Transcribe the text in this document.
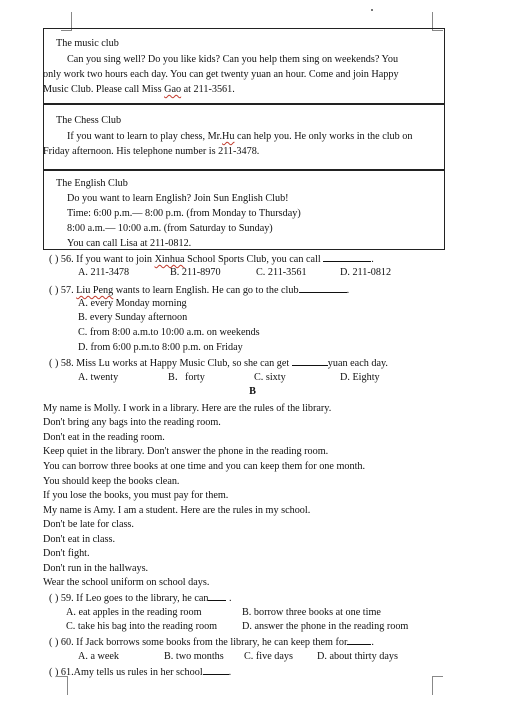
The music club
Can you sing well? Do you like kids? Can you help them sing on weekends? You
only work two hours each day. You can get twenty yuan an hour. Come and join Happy
Music Club. Please call Miss Gao at 211-3561.
The Chess Club
If you want to learn to play chess, Mr.Hu can help you. He only works in the club on
Friday afternoon. His telephone number is 211-3478.
The English Club
Do you want to learn English? Join Sun English Club!
Time: 6:00 p.m.— 8:00 p.m. (from Monday to Thursday)
8:00 a.m.— 10:00 a.m. (from Saturday to Sunday)
You can call Lisa at 211-0812.
( ) 56. If you want to join Xinhua School Sports Club, you can call	.
A. 211-3478	B. 211-8970	C. 211-3561	D. 211-0812
( ) 57. Liu Peng wants to learn English. He can go to the club	.
A. every Monday morning
B. every Sunday afternoon
C. from 8:00 a.m.to 10:00 a.m. on weekends
D. from 6:00 p.m.to 8:00 p.m. on Friday
( ) 58. Miss Lu works at Happy Music Club, so she can get	yuan each day.
A. twenty	B．forty	C. sixty	D. Eighty
B
My name is Molly. I work in a library. Here are the rules of the library.
Don't bring any bags into the reading room.
Don't eat in the reading room.
Keep quiet in the library. Don't answer the phone in the reading room.
You can borrow three books at one time and you can keep them for one month.
You should keep the books clean.
If you lose the books, you must pay for them.
My name is Amy. I am a student. Here are the rules in my school.
Don't be late for class.
Don't eat in class.
Don't fight.
Don't run in the hallways.
Wear the school uniform on school days.
( ) 59. If Leo goes to the library, he can .
A. eat apples in the reading room	B. borrow three books at one time
C. take his bag into the reading room D. answer the phone in the reading room
( ) 60. If Jack borrows some books from the library, he can keep them for .
A. a week	B. two months C. five days D. about thirty days
( ) 61.Amy tells us rules in her school	.
